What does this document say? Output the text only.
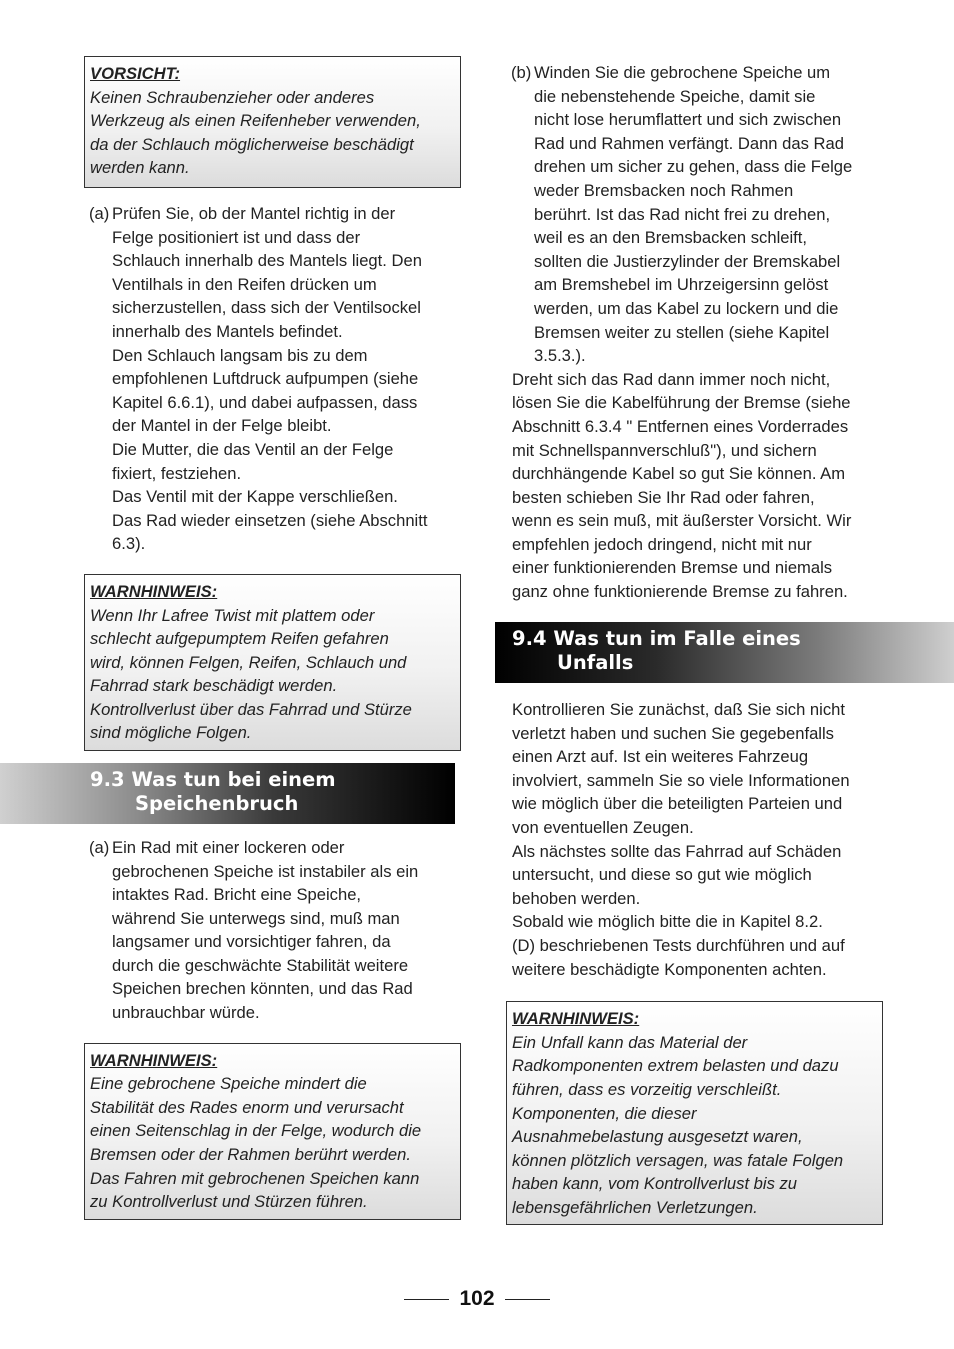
VORSICHT:

Keinen Schraubenzieher oder anderes

Werkzeug als einen Reifenheber verwenden,

da der Schlauch möglicherweise beschädigt

werden kann.

(a) Prüfen Sie, ob der Mantel richtig in der

Felge positioniert ist und dass der

Schlauch innerhalb des Mantels liegt. Den

Ventilhals in den Reifen drücken um

sicherzustellen, dass sich der Ventilsockel

innerhalb des Mantels befindet.

Den Schlauch langsam bis zu dem

empfohlenen Luftdruck aufpumpen (siehe

Kapitel 6.6.1), und dabei aufpassen, dass

der Mantel in der Felge bleibt.

Die Mutter, die das Ventil an der Felge

fixiert, festziehen.

Das Ventil mit der Kappe verschließen.

Das Rad wieder einsetzen (siehe Abschnitt

6.3).

WARNHINWEIS:

Wenn Ihr Lafree Twist mit plattem oder

schlecht aufgepumptem Reifen gefahren

wird, können Felgen, Reifen, Schlauch und

Fahrrad stark beschädigt werden.

Kontrollverlust über das Fahrrad und Stürze

sind mögliche Folgen.

(a) Ein Rad mit einer lockeren oder

gebrochenen Speiche ist instabiler als ein

intaktes Rad. Bricht eine Speiche,

während Sie unterwegs sind, muß man

langsamer und vorsichtiger fahren, da

durch die geschwächte Stabilität weitere

Speichen brechen könnten, und das Rad

unbrauchbar würde.

WARNHINWEIS:

Eine gebrochene Speiche mindert die

Stabilität des Rades enorm und verursacht

einen Seitenschlag in der Felge, wodurch die

Bremsen oder der Rahmen berührt werden.

Das Fahren mit gebrochenen Speichen kann

zu Kontrollverlust und Stürzen führen.

9.3 Was tun bei einem
Speichenbruch
(b) Winden Sie die gebrochene Speiche um

die nebenstehende Speiche, damit sie

nicht lose herumflattert und sich zwischen

Rad und Rahmen verfängt. Dann das Rad

drehen um sicher zu gehen, dass die Felge

weder Bremsbacken noch Rahmen

berührt. Ist das Rad nicht frei zu drehen,

weil es an den Bremsbacken schleift,

sollten die Justierzylinder der Bremskabel

am Bremshebel im Uhrzeigersinn gelöst

werden, um das Kabel zu lockern und die

Bremsen weiter zu stellen (siehe Kapitel

3.5.3.).

Dreht sich das Rad dann immer noch nicht,

lösen Sie die Kabelführung der Bremse (siehe

Abschnitt 6.3.4 " Entfernen eines Vorderrades

mit Schnellspannverschluß"), und sichern

durchhängende Kabel so gut Sie können. Am

besten schieben Sie Ihr Rad oder fahren,

wenn es sein muß, mit äußerster Vorsicht. Wir

empfehlen jedoch dringend, nicht mit nur

einer funktionierenden Bremse und niemals

ganz ohne funktionierende Bremse zu fahren.

9.4 Was tun im Falle eines
Unfalls

Kontrollieren Sie zunächst, daß Sie sich nicht

verletzt haben und suchen Sie gegebenfalls

einen Arzt auf. Ist ein weiteres Fahrzeug

involviert, sammeln Sie so viele Informationen

wie möglich über die beteiligten Parteien und

von eventuellen Zeugen.

Als nächstes sollte das Fahrrad auf Schäden

untersucht, und diese so gut wie möglich

behoben werden.

Sobald wie möglich bitte die in Kapitel 8.2.

(D) beschriebenen Tests durchführen und auf

weitere beschädigte Komponenten achten.

WARNHINWEIS:

Ein Unfall kann das Material der

Radkomponenten extrem belasten und dazu

führen, dass es vorzeitig verschleißt.

Komponenten, die dieser

Ausnahmebelastung ausgesetzt waren,

können plötzlich versagen, was fatale Folgen

haben kann, vom Kontrollverlust bis zu

lebensgefährlichen Verletzungen.

102
